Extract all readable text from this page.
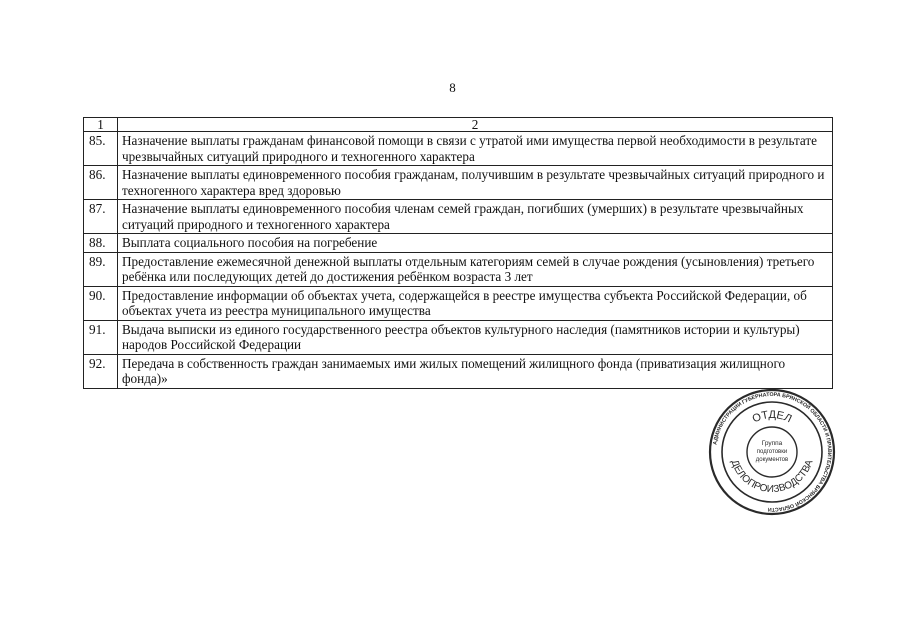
8
1	2
85.	Назначение выплаты гражданам финансовой помощи в связи с утратой ими имущества первой необходимости в результате чрезвычайных ситуаций природного и техногенного характера
86.	Назначение выплаты единовременного пособия гражданам, получившим в результате чрезвычайных ситуаций природного и техногенного характера вред здоровью
87.	Назначение выплаты единовременного пособия членам семей граждан, погибших (умерших) в результате чрезвычайных ситуаций природного и техногенного характера
88.	Выплата социального пособия на погребение
89.	Предоставление ежемесячной денежной выплаты отдельным категориям семей в случае рождения (усыновления) третьего ребёнка или последующих детей до достижения ребёнком возраста 3 лет
90.	Предоставление информации об объектах учета, содержащейся в реестре имущества субъекта Российской Федерации, об объектах учета из реестра муниципального имущества
91.	Выдача выписки из единого государственного реестра объектов культурного наследия (памятников истории и культуры) народов Российской Федерации
92.	Передача в собственность граждан занимаемых ими жилых помещений жилищного фонда (приватизация жилищного фонда)»
АДМИНИСТРАЦИИ ГУБЕРНАТОРА БРЯНСКОЙ ОБЛАСТИ И ПРАВИТЕЛЬСТВА БРЯНСКОЙ ОБЛАСТИ
ОТДЕЛ
ДЕЛОПРОИЗВОДСТВА
Группа
подготовки
документов
